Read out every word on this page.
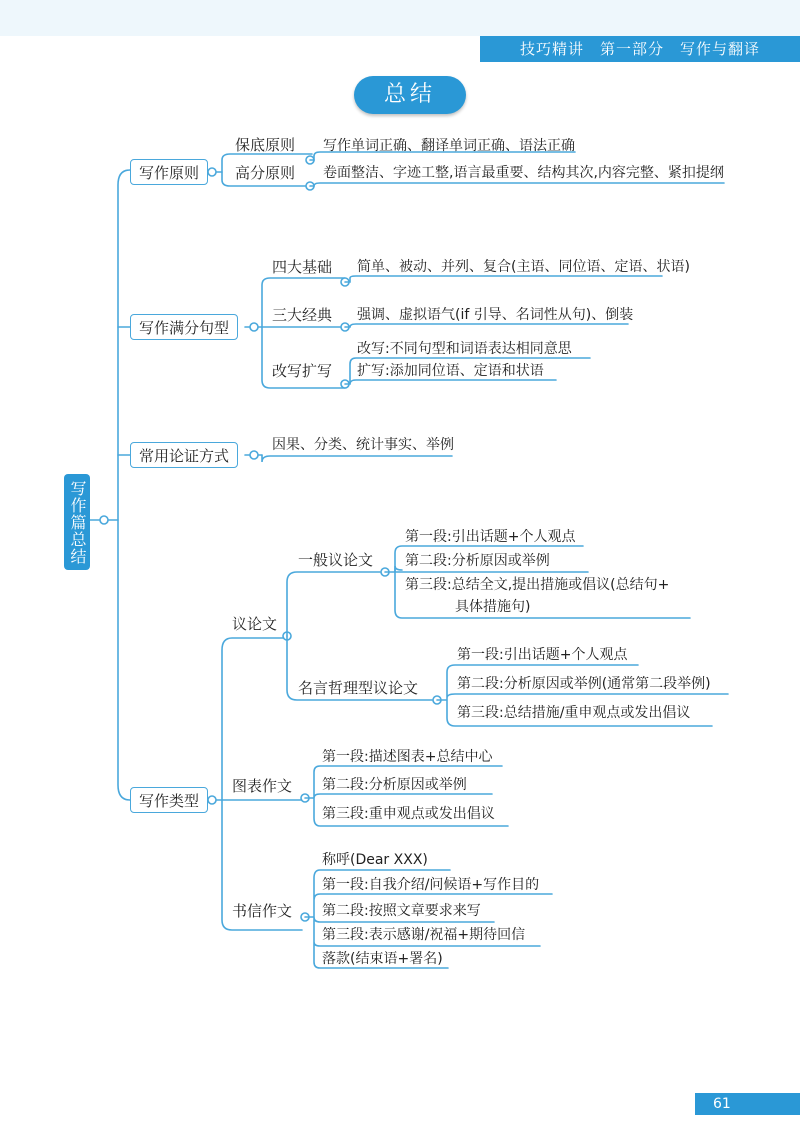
技巧精讲　第一部分　写作与翻译
总结
写作篇总结
写作原则
保底原则 写作单词正确、翻译单词正确、语法正确
高分原则 卷面整洁、字迹工整,语言最重要、结构其次,内容完整、紧扣提纲
写作满分句型
四大基础 简单、被动、并列、复合(主语、同位语、定语、状语)
三大经典 强调、虚拟语气(if 引导、名词性从句)、倒装
改写扩写
改写:不同句型和词语表达相同意思
扩写:添加同位语、定语和状语
常用论证方式
因果、分类、统计事实、举例
写作类型
议论文
一般议论文
第一段:引出话题+个人观点
第二段:分析原因或举例
第三段:总结全文,提出措施或倡议(总结句+
具体措施句)
名言哲理型议论文
第一段:引出话题+个人观点
第二段:分析原因或举例(通常第二段举例)
第三段:总结措施/重申观点或发出倡议
图表作文
第一段:描述图表+总结中心
第二段:分析原因或举例
第三段:重申观点或发出倡议
书信作文
称呼(Dear XXX)
第一段:自我介绍/问候语+写作目的
第二段:按照文章要求来写
第三段:表示感谢/祝福+期待回信
落款(结束语+署名)
61
